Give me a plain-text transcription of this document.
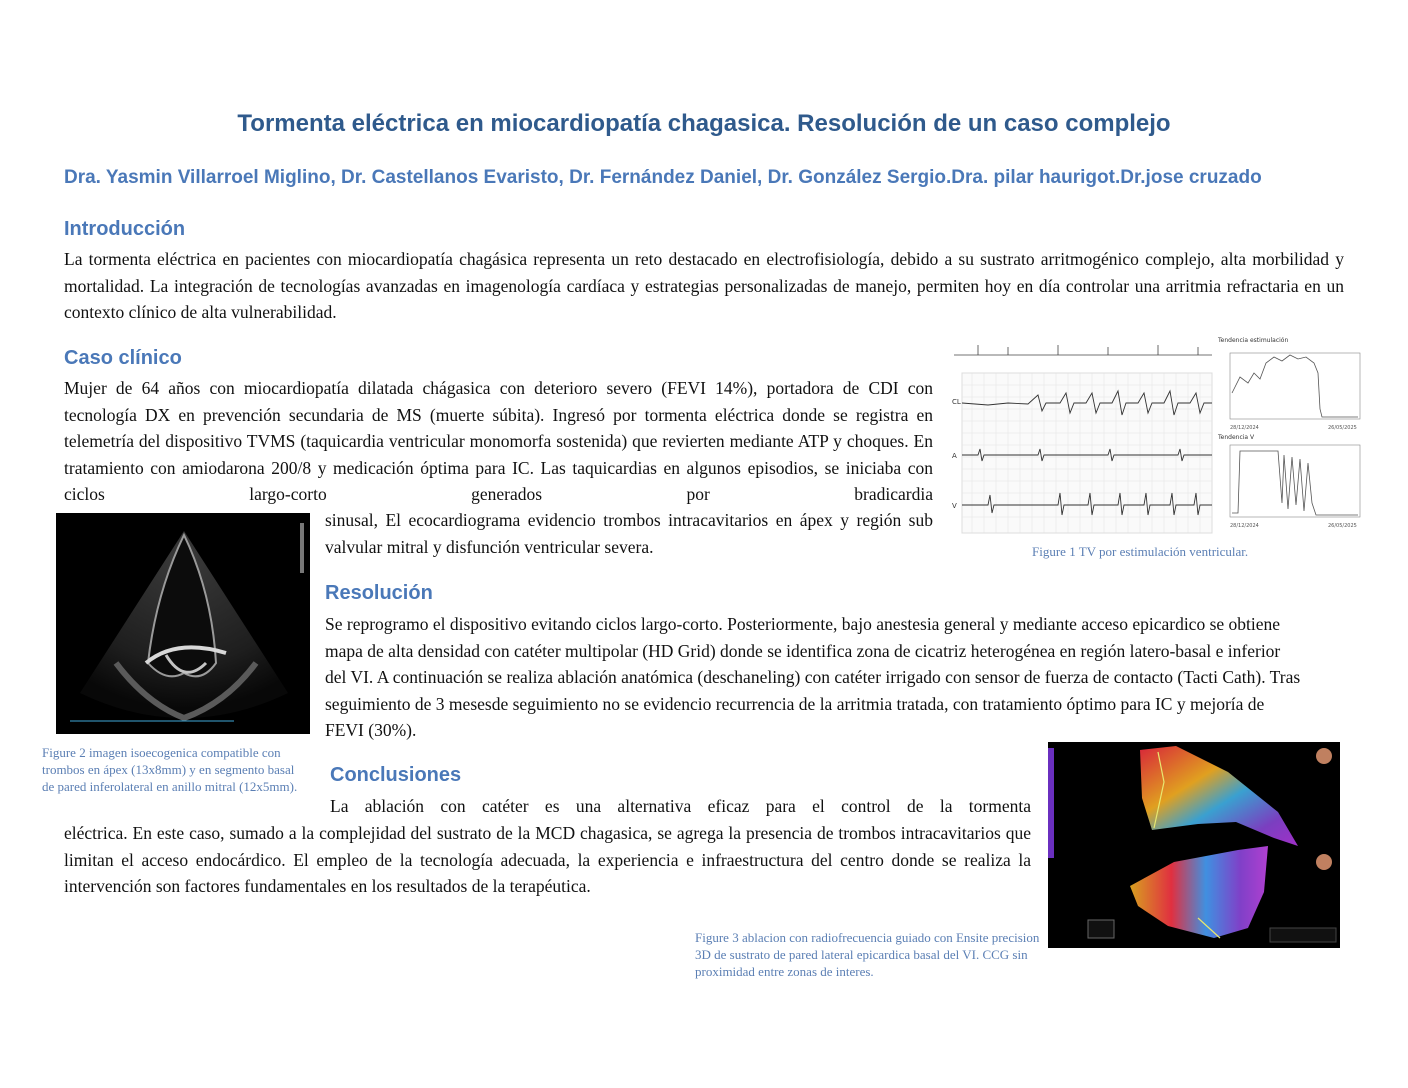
Tormenta eléctrica en miocardiopatía chagasica. Resolución de un caso complejo
Dra. Yasmin Villarroel Miglino, Dr. Castellanos Evaristo, Dr. Fernández Daniel, Dr. González Sergio.Dra. pilar haurigot.Dr.jose cruzado
Introducción
La tormenta eléctrica en pacientes con miocardiopatía chagásica representa un reto destacado en electrofisiología, debido a su sustrato arritmogénico complejo, alta morbilidad y mortalidad. La integración de tecnologías avanzadas en imagenología cardíaca y estrategias personalizadas de manejo, permiten hoy en día controlar una arritmia refractaria en un contexto clínico de alta vulnerabilidad.
Caso clínico
Mujer de 64 años con miocardiopatía dilatada chágasica con deterioro severo (FEVI 14%), portadora de CDI con tecnología DX en prevención secundaria de MS (muerte súbita). Ingresó por tormenta eléctrica donde se registra en telemetría del dispositivo TVMS (taquicardia ventricular monomorfa sostenida) que revierten mediante ATP y choques. En tratamiento con amiodarona 200/8 y medicación óptima para IC. Las taquicardias en algunos episodios, se iniciaba con ciclos largo-corto generados por bradicardia
sinusal, El ecocardiograma evidencio trombos intracavitarios en ápex y región sub valvular mitral y disfunción ventricular severa.
CL
A
V
Tendencia estimulación
28/12/2024	26/05/2025
Tendencia V
28/12/2024	26/05/2025
Figure 1 TV por estimulación ventricular.
Figure 2 imagen isoecogenica compatible con trombos en ápex (13x8mm) y en segmento basal de pared inferolateral en anillo mitral (12x5mm).
Resolución
Se reprogramo el dispositivo evitando ciclos largo-corto. Posteriormente, bajo anestesia general y mediante acceso epicardico se obtiene mapa de alta densidad con catéter multipolar (HD Grid) donde se identifica zona de cicatriz heterogénea en región latero-basal e inferior del VI. A continuación se realiza ablación anatómica (deschaneling) con catéter irrigado con sensor de fuerza de contacto (Tacti Cath). Tras seguimiento de 3 mesesde seguimiento no se evidencio recurrencia de la arritmia tratada, con tratamiento óptimo para IC y mejoría de FEVI (30%).
Conclusiones
La ablación con catéter es una alternativa eficaz para el control de la tormenta
eléctrica. En este caso, sumado a la complejidad del sustrato de la MCD chagasica, se agrega la presencia de trombos intracavitarios que limitan el acceso endocárdico. El empleo de la tecnología adecuada, la experiencia e infraestructura del centro donde se realiza la intervención son factores fundamentales en los resultados de la terapéutica.
Figure 3 ablacion con radiofrecuencia guiado con Ensite precision 3D de sustrato de pared lateral epicardica basal del VI. CCG sin proximidad entre zonas de interes.
